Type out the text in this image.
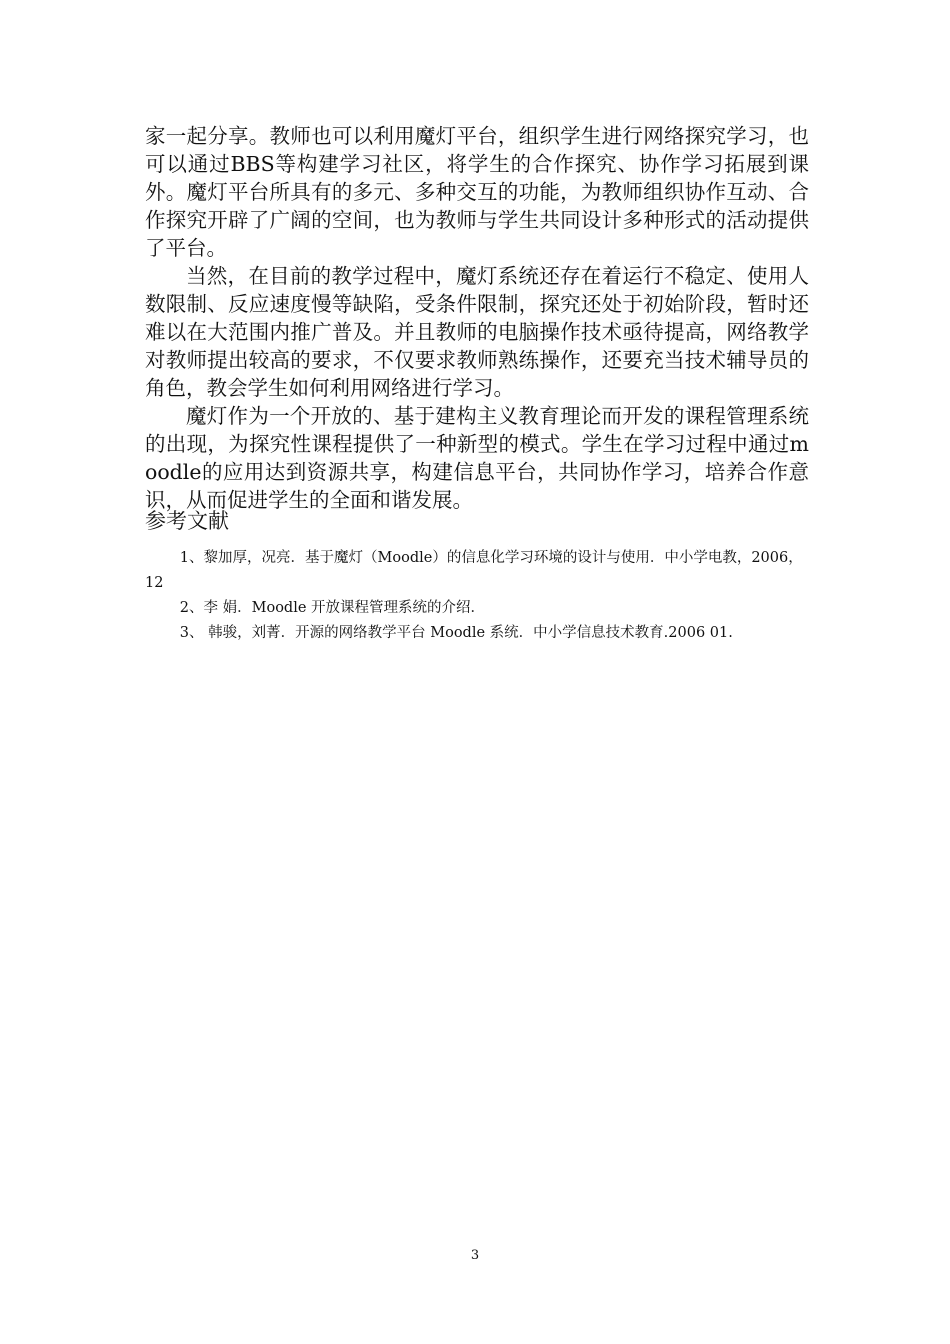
家一起分享。教师也可以利用魔灯平台，组织学生进行网络探究学习，也可以通过BBS等构建学习社区，将学生的合作探究、协作学习拓展到课外。魔灯平台所具有的多元、多种交互的功能，为教师组织协作互动、合作探究开辟了广阔的空间，也为教师与学生共同设计多种形式的活动提供了平台。

当然，在目前的教学过程中，魔灯系统还存在着运行不稳定、使用人数限制、反应速度慢等缺陷，受条件限制，探究还处于初始阶段，暂时还难以在大范围内推广普及。并且教师的电脑操作技术亟待提高，网络教学对教师提出较高的要求，不仅要求教师熟练操作，还要充当技术辅导员的角色，教会学生如何利用网络进行学习。

魔灯作为一个开放的、基于建构主义教育理论而开发的课程管理系统的出现，为探究性课程提供了一种新型的模式。学生在学习过程中通过moodle的应用达到资源共享，构建信息平台，共同协作学习，培养合作意识，从而促进学生的全面和谐发展。

参考文献
1、黎加厚，况亮．基于魔灯（Moodle）的信息化学习环境的设计与使用．中小学电教，2006，12
2、李 娟．Moodle 开放课程管理系统的介绍．
3、 韩骏，刘菁．开源的网络教学平台 Moodle 系统．中小学信息技术教育.2006 01.
3
